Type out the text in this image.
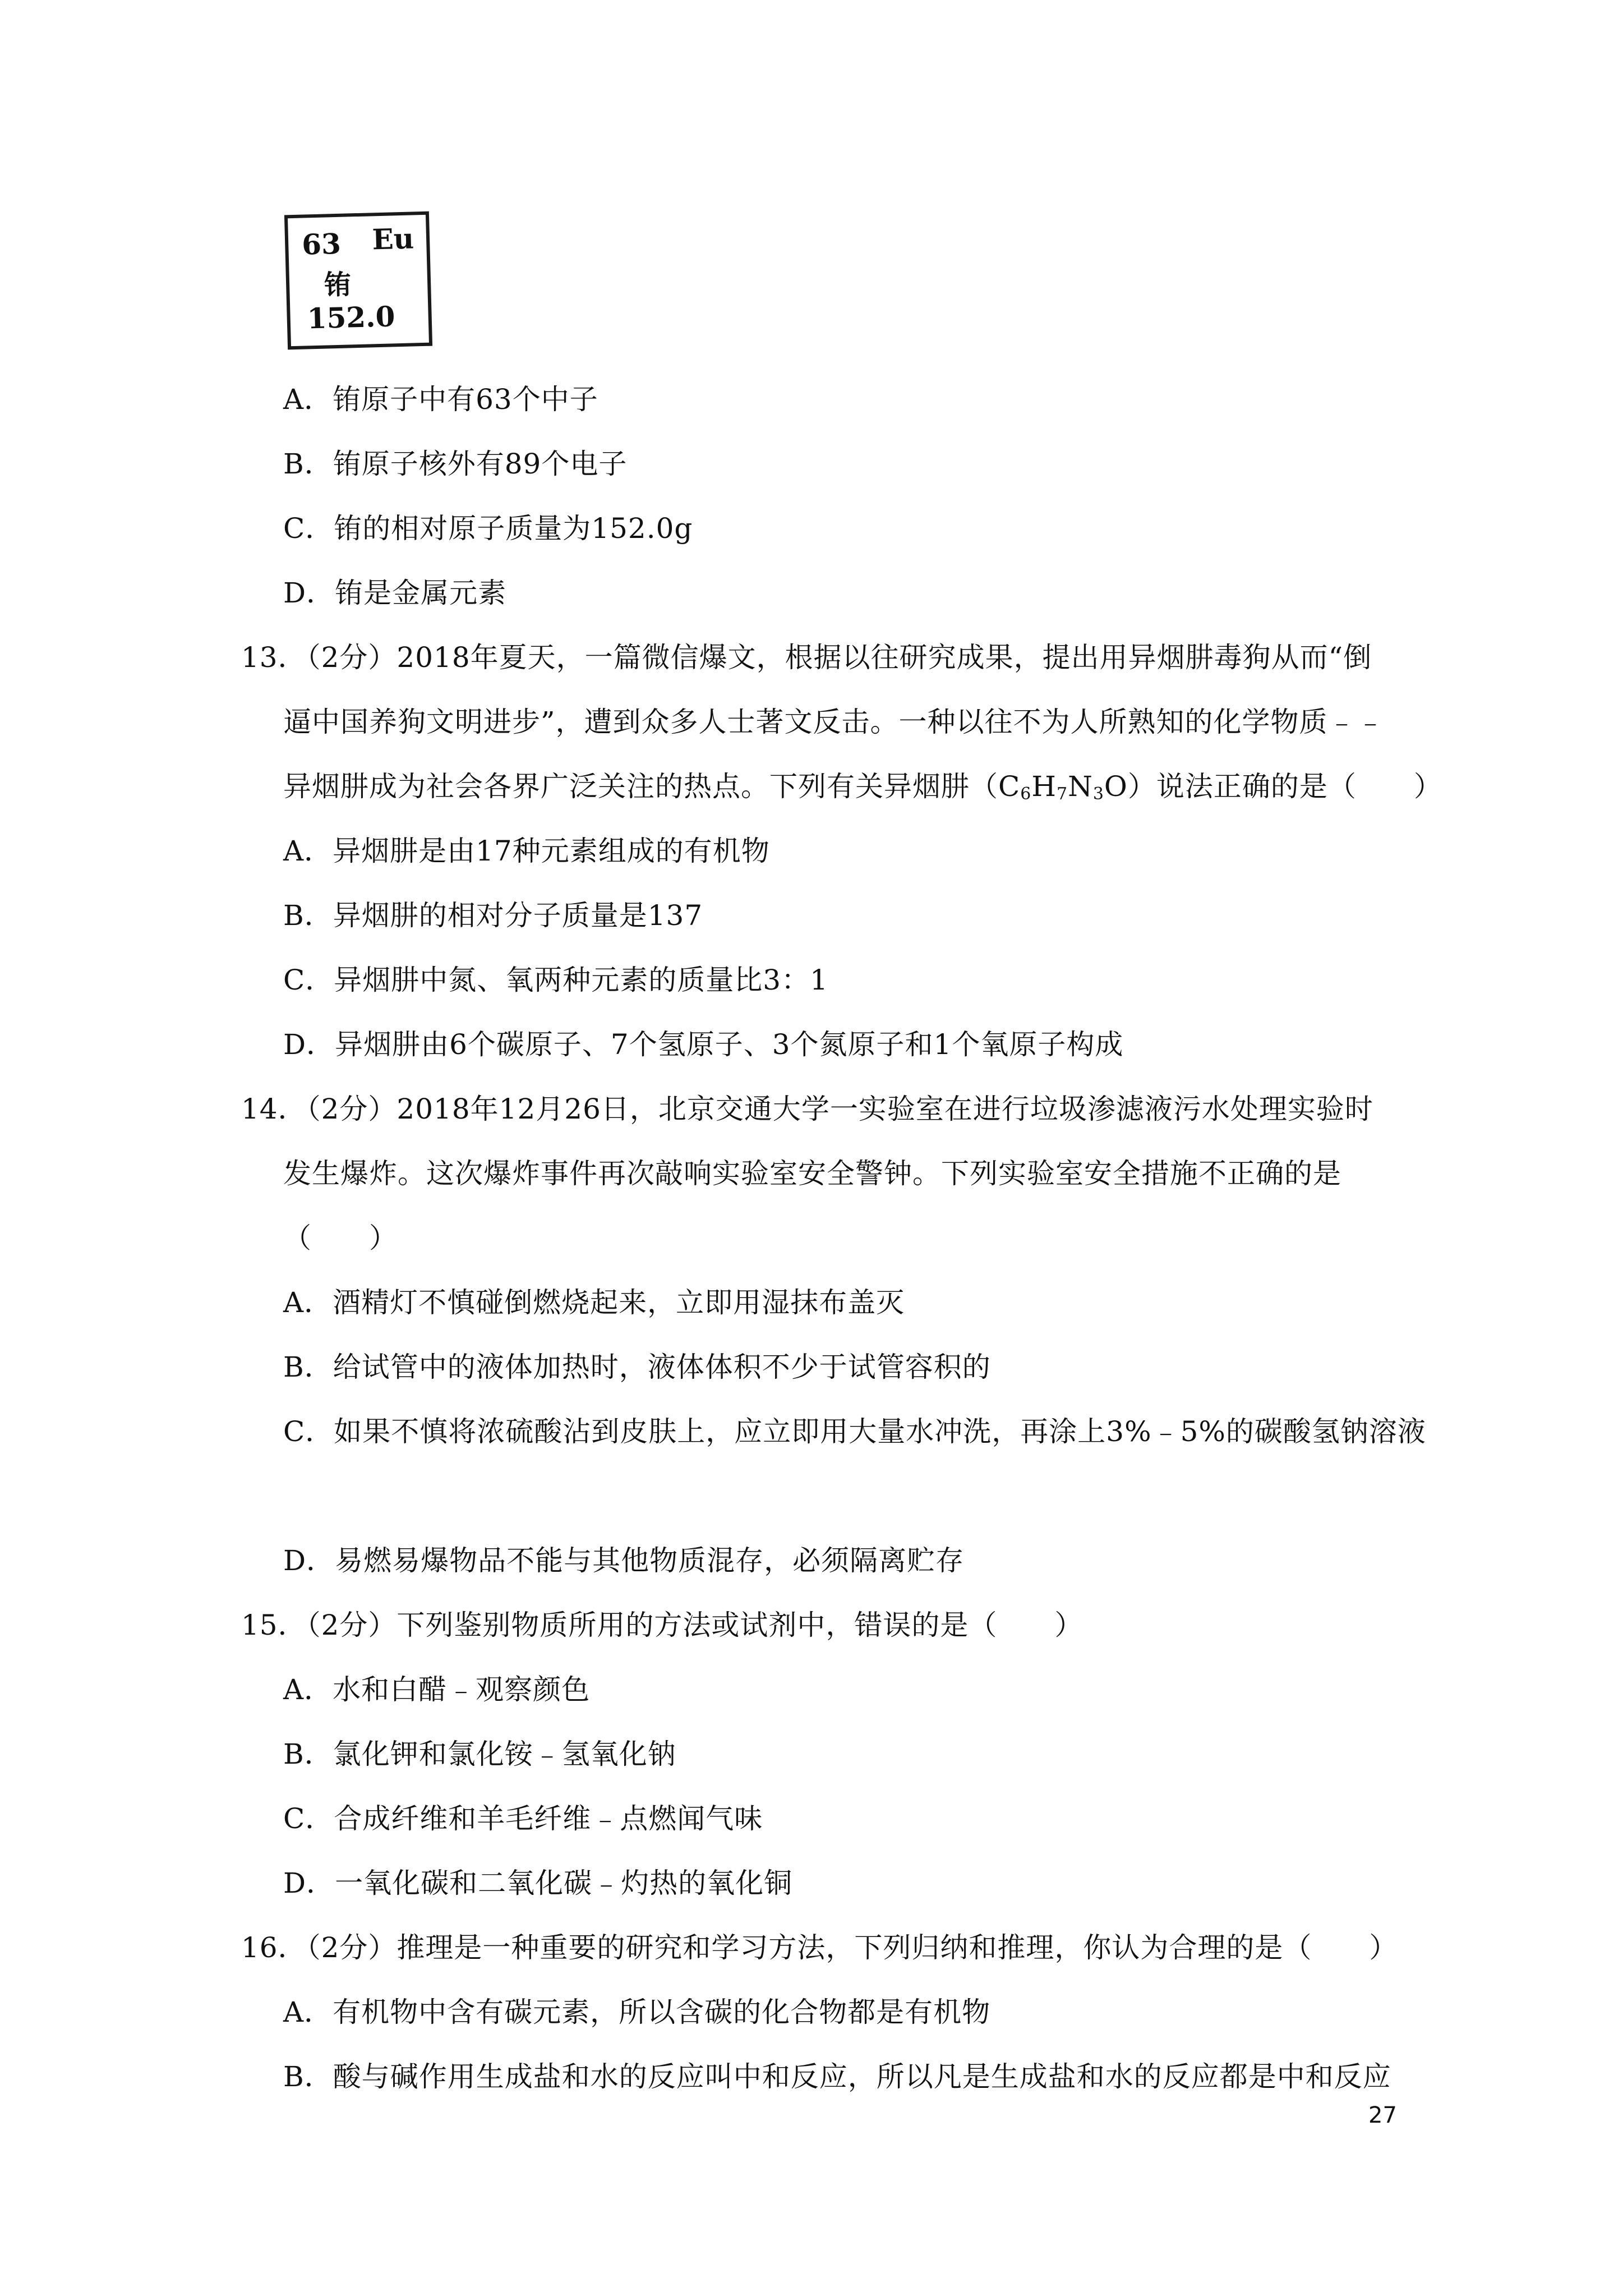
63 Eu
铕
152.0
A．铕原子中有63个中子
B．铕原子核外有89个电子
C．铕的相对原子质量为152.0g
D．铕是金属元素
13．（2分）2018年夏天，一篇微信爆文，根据以往研究成果，提出用异烟肼毒狗从而“倒
逼中国养狗文明进步”，遭到众多人士著文反击。一种以往不为人所熟知的化学物质﹣﹣
异烟肼成为社会各界广泛关注的热点。下列有关异烟肼$(C_6H_7N_3O)$说法正确的是（　　）
A．异烟肼是由17种元素组成的有机物
B．异烟肼的相对分子质量是137
C．异烟肼中氮、氧两种元素的质量比3：1
D．异烟肼由6个碳原子、7个氢原子、3个氮原子和1个氧原子构成
14．（2分）2018年12月26日，北京交通大学一实验室在进行垃圾渗滤液污水处理实验时
发生爆炸。这次爆炸事件再次敲响实验室安全警钟。下列实验室安全措施不正确的是
（　　）
A．酒精灯不慎碰倒燃烧起来，立即用湿抹布盖灭
B．给试管中的液体加热时，液体体积不少于试管容积的
C．如果不慎将浓硫酸沾到皮肤上，应立即用大量水冲洗，再涂上3%﹣5%的碳酸氢钠溶液
D．易燃易爆物品不能与其他物质混存，必须隔离贮存
15．（2分）下列鉴别物质所用的方法或试剂中，错误的是（　　）
A．水和白醋﹣观察颜色
B．氯化钾和氯化铵﹣氢氧化钠
C．合成纤维和羊毛纤维﹣点燃闻气味
D．一氧化碳和二氧化碳﹣灼热的氧化铜
16．（2分）推理是一种重要的研究和学习方法，下列归纳和推理，你认为合理的是（　　）
A．有机物中含有碳元素，所以含碳的化合物都是有机物
B．酸与碱作用生成盐和水的反应叫中和反应，所以凡是生成盐和水的反应都是中和反应
27
